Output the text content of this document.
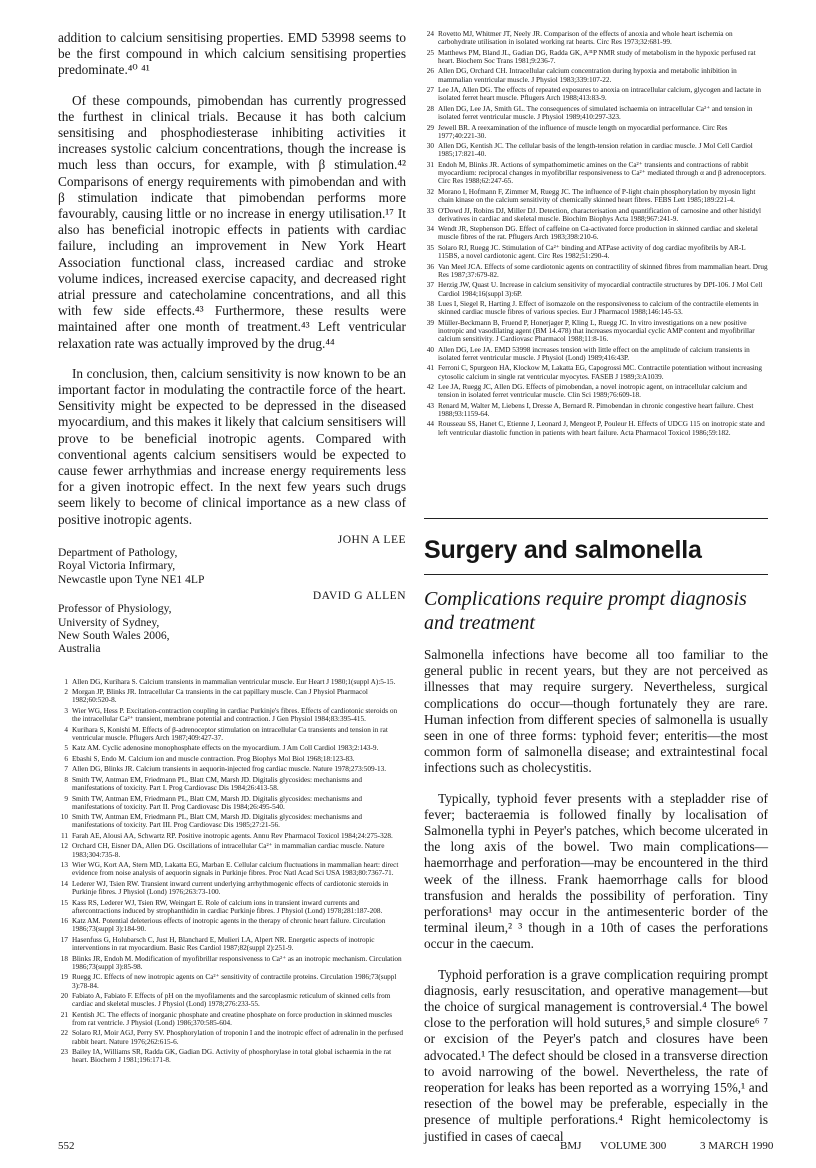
addition to calcium sensitising properties. EMD 53998 seems to be the first compound in which calcium sensitising properties predominate.⁴⁰ ⁴¹

Of these compounds, pimobendan has currently progressed the furthest in clinical trials. Because it has both calcium sensitising and phosphodiesterase inhibiting activities it increases systolic calcium concentrations, though the increase is much less than occurs, for example, with β stimulation.⁴² Comparisons of energy requirements with pimobendan and with β stimulation indicate that pimobendan performs more favourably, causing little or no increase in energy utilisation.¹⁷ It also has beneficial inotropic effects in patients with cardiac failure, including an improvement in New York Heart Association functional class, increased cardiac and stroke volume indices, increased exercise capacity, and decreased right atrial pressure and catecholamine concentrations, and all this with few side effects.⁴³ Furthermore, these results were maintained after one month of treatment.⁴³ Left ventricular relaxation rate was actually improved by the drug.⁴⁴

In conclusion, then, calcium sensitivity is now known to be an important factor in modulating the contractile force of the heart. Sensitivity might be expected to be depressed in the diseased myocardium, and this makes it likely that calcium sensitisers will prove to be beneficial inotropic agents. Compared with conventional agents calcium sensitisers would be expected to cause fewer arrhythmias and increase energy requirements less for a given inotropic effect. In the next few years such drugs seem likely to become of clinical importance as a new class of positive inotropic agents.

JOHN A LEE

Department of Pathology,

Royal Victoria Infirmary,

Newcastle upon Tyne NE1 4LP

DAVID G ALLEN

Professor of Physiology,

University of Sydney,

New South Wales 2006,

Australia

1 Allen DG, Kurihara S. Calcium transients in mammalian ventricular muscle. Eur Heart J 1980;1(suppl A):5-15.
2 Morgan JP, Blinks JR. Intracellular Ca transients in the cat papillary muscle. Can J Physiol Pharmacol 1982;60:520-8.
3 Wier WG, Hess P. Excitation-contraction coupling in cardiac Purkinje's fibres. Effects of cardiotonic steroids on the intracellular Ca²⁺ transient, membrane potential and contraction. J Gen Physiol 1984;83:395-415.
4 Kurihara S, Konishi M. Effects of β-adrenoceptor stimulation on intracellular Ca transients and tension in rat ventricular muscle. Pflugers Arch 1987;409:427-37.
5 Katz AM. Cyclic adenosine monophosphate effects on the myocardium. J Am Coll Cardiol 1983;2:143-9.
6 Ebashi S, Endo M. Calcium ion and muscle contraction. Prog Biophys Mol Biol 1968;18:123-83.
7 Allen DG, Blinks JR. Calcium transients in aequorin-injected frog cardiac muscle. Nature 1978;273:509-13.
8 Smith TW, Antman EM, Friedmann PL, Blatt CM, Marsh JD. Digitalis glycosides: mechanisms and manifestations of toxicity. Part I. Prog Cardiovasc Dis 1984;26:413-58.
9 Smith TW, Antman EM, Friedmann PL, Blatt CM, Marsh JD. Digitalis glycosides: mechanisms and manifestations of toxicity. Part II. Prog Cardiovasc Dis 1984;26:495-540.
10 Smith TW, Antman EM, Friedmann PL, Blatt CM, Marsh JD. Digitalis glycosides: mechanisms and manifestations of toxicity. Part III. Prog Cardiovasc Dis 1985;27:21-56.
11 Farah AE, Alousi AA, Schwartz RP. Positive inotropic agents. Annu Rev Pharmacol Toxicol 1984;24:275-328.
12 Orchard CH, Eisner DA, Allen DG. Oscillations of intracellular Ca²⁺ in mammalian cardiac muscle. Nature 1983;304:735-8.
13 Wier WG, Kort AA, Stern MD, Lakatta EG, Marban E. Cellular calcium fluctuations in mammalian heart: direct evidence from noise analysis of aequorin signals in Purkinje fibres. Proc Natl Acad Sci USA 1983;80:7367-71.
14 Lederer WJ, Tsien RW. Transient inward current underlying arrhythmogenic effects of cardiotonic steroids in Purkinje fibres. J Physiol (Lond) 1976;263:73-100.
15 Kass RS, Lederer WJ, Tsien RW, Weingart E. Role of calcium ions in transient inward currents and aftercontractions induced by strophanthidin in cardiac Purkinje fibres. J Physiol (Lond) 1978;281:187-208.
16 Katz AM. Potential deleterious effects of inotropic agents in the therapy of chronic heart failure. Circulation 1986;73(suppl 3):184-90.
17 Hasenfuss G, Holubarsch C, Just H, Blanchard E, Mulieri LA, Alpert NR. Energetic aspects of inotropic interventions in rat myocardium. Basic Res Cardiol 1987;82(suppl 2):251-9.
18 Blinks JR, Endoh M. Modification of myofibrillar responsiveness to Ca²⁺ as an inotropic mechanism. Circulation 1986;73(suppl 3):85-98.
19 Ruegg JC. Effects of new inotropic agents on Ca²⁺ sensitivity of contractile proteins. Circulation 1986;73(suppl 3):78-84.
20 Fabiato A, Fabiato F. Effects of pH on the myofilaments and the sarcoplasmic reticulum of skinned cells from cardiac and skeletal muscles. J Physiol (Lond) 1978;276:233-55.
21 Kentish JC. The effects of inorganic phosphate and creatine phosphate on force production in skinned muscles from rat ventricle. J Physiol (Lond) 1986;370:585-604.
22 Solaro RJ, Moir AGJ, Perry SV. Phosphorylation of troponin I and the inotropic effect of adrenalin in the perfused rabbit heart. Nature 1976;262:615-6.
23 Bailey IA, Williams SR, Radda GK, Gadian DG. Activity of phosphorylase in total global ischaemia in the rat heart. Biochem J 1981;196:171-8.
24 Rovetto MJ, Whitmer JT, Neely JR. Comparison of the effects of anoxia and whole heart ischemia on carbohydrate utilisation in isolated working rat hearts. Circ Res 1973;32:681-99.
25 Matthews PM, Bland JL, Gadian DG, Radda GK, A³¹P NMR study of metabolism in the hypoxic perfused rat heart. Biochem Soc Trans 1981;9:236-7.
26 Allen DG, Orchard CH. Intracellular calcium concentration during hypoxia and metabolic inhibition in mammalian ventricular muscle. J Physiol 1983;339:107-22.
27 Lee JA, Allen DG. The effects of repeated exposures to anoxia on intracellular calcium, glycogen and lactate in isolated ferret heart muscle. Pflugers Arch 1988;413:83-9.
28 Allen DG, Lee JA, Smith GL. The consequences of simulated ischaemia on intracellular Ca²⁺ and tension in isolated ferret ventricular muscle. J Physiol 1989;410:297-323.
29 Jewell BR. A reexamination of the influence of muscle length on myocardial performance. Circ Res 1977;40:221-30.
30 Allen DG, Kentish JC. The cellular basis of the length-tension relation in cardiac muscle. J Mol Cell Cardiol 1985;17:821-40.
31 Endoh M, Blinks JR. Actions of sympathomimetic amines on the Ca²⁺ transients and contractions of rabbit myocardium: reciprocal changes in myofibrillar responsiveness to Ca²⁺ mediated through α and β adrenoceptors. Circ Res 1988;62:247-65.
32 Morano I, Hofmann F, Zimmer M, Ruegg JC. The influence of P-light chain phosphorylation by myosin light chain kinase on the calcium sensitivity of chemically skinned heart fibres. FEBS Lett 1985;189:221-4.
33 O'Dowd JJ, Robins DJ, Miller DJ. Detection, characterisation and quantification of carnosine and other histidyl derivatives in cardiac and skeletal muscle. Biochim Biophys Acta 1988;967:241-9.
34 Wendt JR, Stephenson DG. Effect of caffeine on Ca-activated force production in skinned cardiac and skeletal muscle fibres of the rat. Pflugers Arch 1983;398:210-6.
35 Solaro RJ, Ruegg JC. Stimulation of Ca²⁺ binding and ATPase activity of dog cardiac myofibrils by AR-L 115BS, a novel cardiotonic agent. Circ Res 1982;51:290-4.
36 Van Meel JCA. Effects of some cardiotonic agents on contractility of skinned fibres from mammalian heart. Drug Res 1987;37:679-82.
37 Herzig JW, Quast U. Increase in calcium sensitivity of myocardial contractile structures by DPI-106. J Mol Cell Cardiol 1984;16(suppl 3):6P.
38 Lues I, Siegel R, Harting J. Effect of isomazole on the responsiveness to calcium of the contractile elements in skinned cardiac muscle fibres of various species. Eur J Pharmacol 1988;146:145-53.
39 Müller-Beckmann B, Fruend P, Honerjager P, Kling L, Ruegg JC. In vitro investigations on a new positive inotropic and vasodilating agent (BM 14.478) that increases myocardial cyclic AMP content and myofibrillar calcium sensitivity. J Cardiovasc Pharmacol 1988;11:8-16.
40 Allen DG, Lee JA. EMD 53998 increases tension with little effect on the amplitude of calcium transients in isolated ferret ventricular muscle. J Physiol (Lond) 1989;416:43P.
41 Ferroni C, Spurgeon HA, Klockow M, Lakatta EG, Capogrossi MC. Contractile potentiation without increasing cytosolic calcium in single rat ventricular myocytes. FASEB J 1989;3:A1039.
42 Lee JA, Ruegg JC, Allen DG. Effects of pimobendan, a novel inotropic agent, on intracellular calcium and tension in isolated ferret ventricular muscle. Clin Sci 1989;76:609-18.
43 Renard M, Walter M, Liebens I, Dresse A, Bernard R. Pimobendan in chronic congestive heart failure. Chest 1988;93:1159-64.
44 Rousseau SS, Hanet C, Etienne J, Leonard J, Mengeot P, Pouleur H. Effects of UDCG 115 on inotropic state and left ventricular diastolic function in patients with heart failure. Acta Pharmacol Toxicol 1986;59:182.
Surgery and salmonella
Complications require prompt diagnosis and treatment

Salmonella infections have become all too familiar to the general public in recent years, but they are not perceived as illnesses that may require surgery. Nevertheless, surgical complications do occur—though fortunately they are rare. Human infection from different species of salmonella is usually seen in one of three forms: typhoid fever; enteritis—the most common form of salmonella disease; and extraintestinal focal infections such as cholecystitis.

Typically, typhoid fever presents with a stepladder rise of fever; bacteraemia is followed finally by localisation of Salmonella typhi in Peyer's patches, which become ulcerated in the long axis of the bowel. Two main complications—haemorrhage and perforation—may be encountered in the third week of the illness. Frank haemorrhage calls for blood transfusion and heralds the possibility of perforation. Tiny perforations¹ may occur in the antimesenteric border of the terminal ileum,² ³ though in a 10th of cases the perforations occur in the caecum.

Typhoid perforation is a grave complication requiring prompt diagnosis, early resuscitation, and operative management—but the choice of surgical management is controversial.⁴ The bowel close to the perforation will hold sutures,⁵ and simple closure⁶ ⁷ or excision of the Peyer's patch and closures have been advocated.¹ The defect should be closed in a transverse direction to avoid narrowing of the bowel. Nevertheless, the rate of reoperation for leaks has been reported as a worrying 15%,¹ and resection of the bowel may be preferable, especially in the presence of multiple perforations.⁴ Right hemicolectomy is justified in cases of caecal

552	BMJ VOLUME 300	3 MARCH 1990
